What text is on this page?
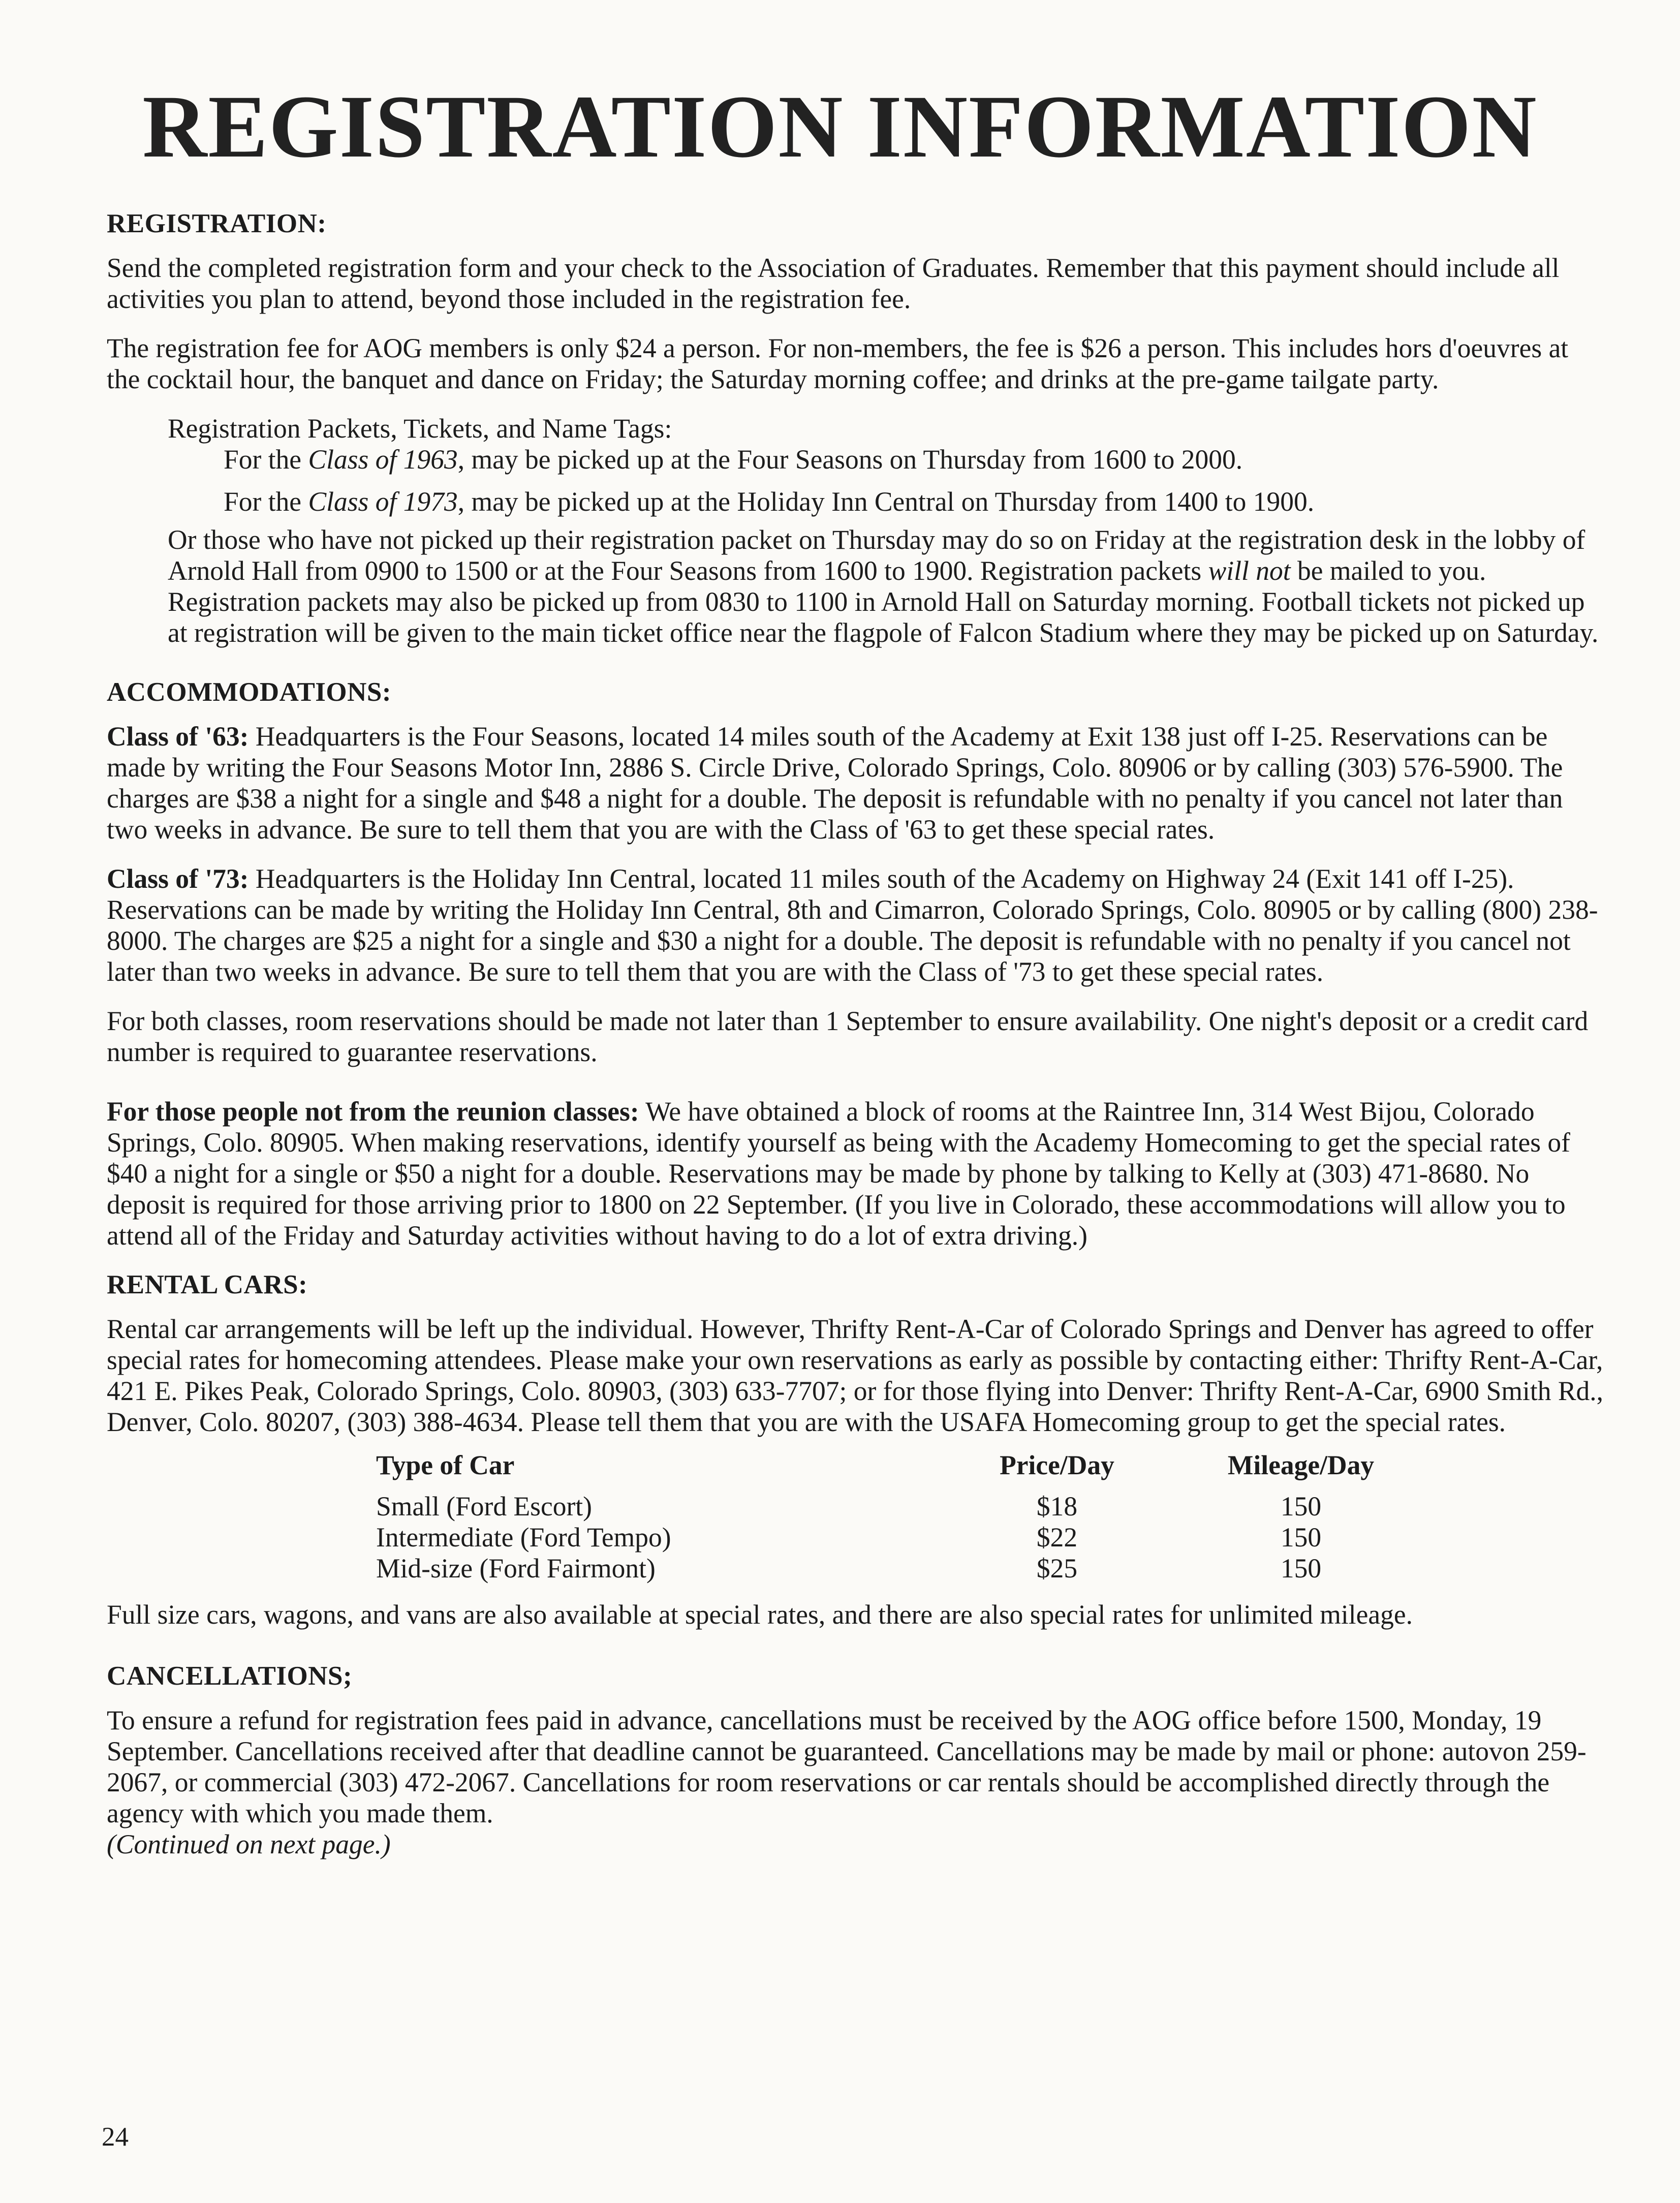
REGISTRATION INFORMATION
REGISTRATION:

Send the completed registration form and your check to the Association of Graduates. Remember that this payment should include all activities you plan to attend, beyond those included in the registration fee.

The registration fee for AOG members is only $24 a person. For non-members, the fee is $26 a person. This includes hors d'oeuvres at the cocktail hour, the banquet and dance on Friday; the Saturday morning coffee; and drinks at the pre-game tailgate party.

Registration Packets, Tickets, and Name Tags:

For the Class of 1963, may be picked up at the Four Seasons on Thursday from 1600 to 2000.

For the Class of 1973, may be picked up at the Holiday Inn Central on Thursday from 1400 to 1900.

Or those who have not picked up their registration packet on Thursday may do so on Friday at the registration desk in the lobby of Arnold Hall from 0900 to 1500 or at the Four Seasons from 1600 to 1900. Registration packets will not be mailed to you. Registration packets may also be picked up from 0830 to 1100 in Arnold Hall on Saturday morning. Football tickets not picked up at registration will be given to the main ticket office near the flagpole of Falcon Stadium where they may be picked up on Saturday.

ACCOMMODATIONS:

Class of '63: Headquarters is the Four Seasons, located 14 miles south of the Academy at Exit 138 just off I-25. Reservations can be made by writing the Four Seasons Motor Inn, 2886 S. Circle Drive, Colorado Springs, Colo. 80906 or by calling (303) 576-5900. The charges are $38 a night for a single and $48 a night for a double. The deposit is refundable with no penalty if you cancel not later than two weeks in advance. Be sure to tell them that you are with the Class of '63 to get these special rates.

Class of '73: Headquarters is the Holiday Inn Central, located 11 miles south of the Academy on Highway 24 (Exit 141 off I-25). Reservations can be made by writing the Holiday Inn Central, 8th and Cimarron, Colorado Springs, Colo. 80905 or by calling (800) 238-8000. The charges are $25 a night for a single and $30 a night for a double. The deposit is refundable with no penalty if you cancel not later than two weeks in advance. Be sure to tell them that you are with the Class of '73 to get these special rates.

For both classes, room reservations should be made not later than 1 September to ensure availability. One night's deposit or a credit card number is required to guarantee reservations.

For those people not from the reunion classes: We have obtained a block of rooms at the Raintree Inn, 314 West Bijou, Colorado Springs, Colo. 80905. When making reservations, identify yourself as being with the Academy Homecoming to get the special rates of $40 a night for a single or $50 a night for a double. Reservations may be made by phone by talking to Kelly at (303) 471-8680. No deposit is required for those arriving prior to 1800 on 22 September. (If you live in Colorado, these accommodations will allow you to attend all of the Friday and Saturday activities without having to do a lot of extra driving.)

RENTAL CARS:

Rental car arrangements will be left up the individual. However, Thrifty Rent-A-Car of Colorado Springs and Denver has agreed to offer special rates for homecoming attendees. Please make your own reservations as early as possible by contacting either: Thrifty Rent-A-Car, 421 E. Pikes Peak, Colorado Springs, Colo. 80903, (303) 633-7707; or for those flying into Denver: Thrifty Rent-A-Car, 6900 Smith Rd., Denver, Colo. 80207, (303) 388-4634. Please tell them that you are with the USAFA Homecoming group to get the special rates.

Type of Car	Price/Day	Mileage/Day
Small (Ford Escort)	$18	150
Intermediate (Ford Tempo)	$22	150
Mid-size (Ford Fairmont)	$25	150

Full size cars, wagons, and vans are also available at special rates, and there are also special rates for unlimited mileage.

CANCELLATIONS;

To ensure a refund for registration fees paid in advance, cancellations must be received by the AOG office before 1500, Monday, 19 September. Cancellations received after that deadline cannot be guaranteed. Cancellations may be made by mail or phone: autovon 259-2067, or commercial (303) 472-2067. Cancellations for room reservations or car rentals should be accomplished directly through the agency with which you made them.

(Continued on next page.)

24
